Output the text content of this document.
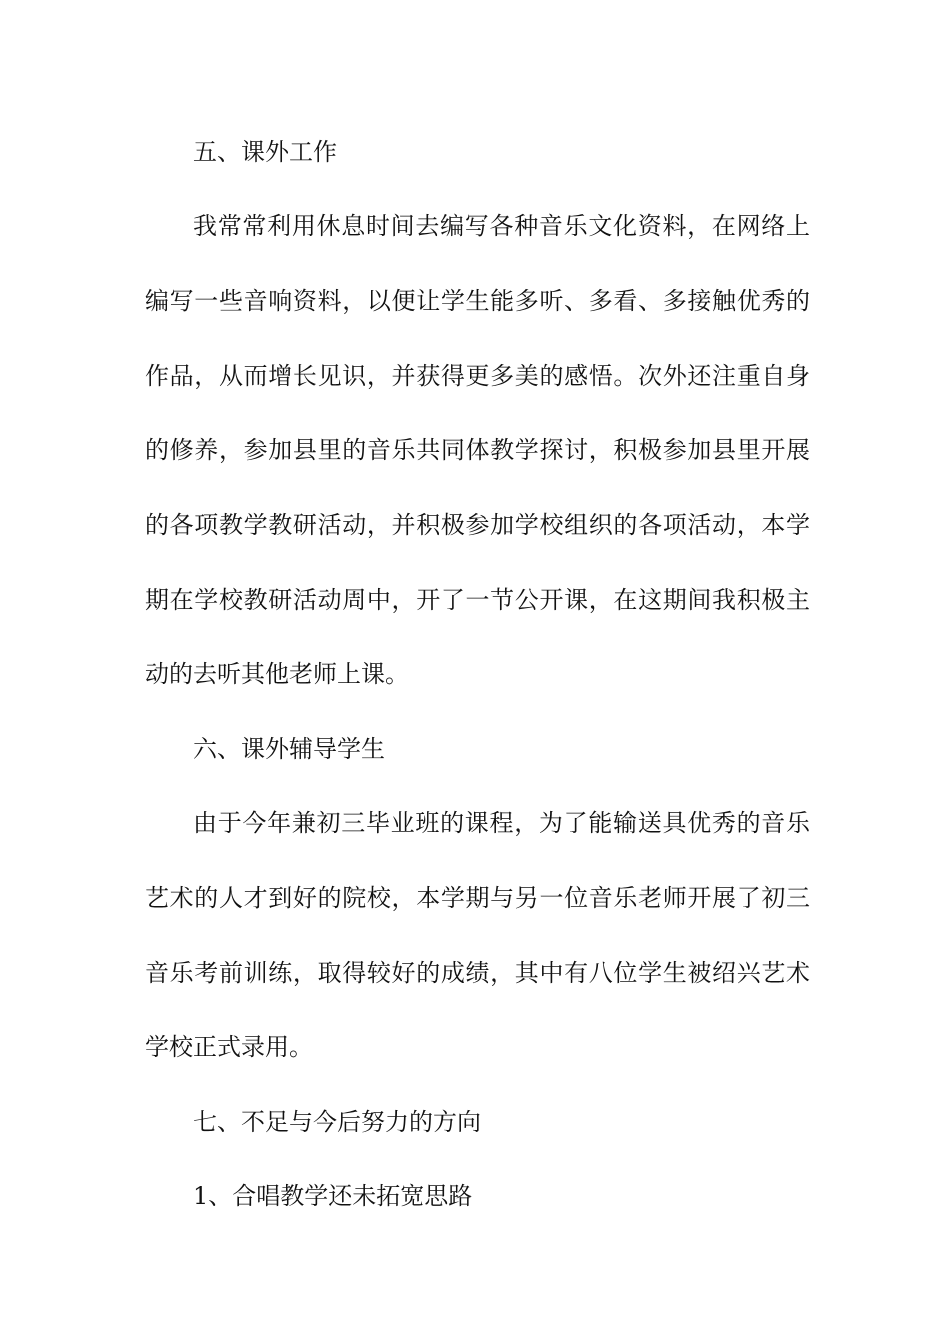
五、课外工作
我常常利用休息时间去编写各种音乐文化资料，在网络上
编写一些音响资料，以便让学生能多听、多看、多接触优秀的
作品，从而增长见识，并获得更多美的感悟。次外还注重自身
的修养，参加县里的音乐共同体教学探讨，积极参加县里开展
的各项教学教研活动，并积极参加学校组织的各项活动，本学
期在学校教研活动周中，开了一节公开课，在这期间我积极主
动的去听其他老师上课。
六、课外辅导学生
由于今年兼初三毕业班的课程，为了能输送具优秀的音乐
艺术的人才到好的院校，本学期与另一位音乐老师开展了初三
音乐考前训练，取得较好的成绩，其中有八位学生被绍兴艺术
学校正式录用。
七、不足与今后努力的方向
1、合唱教学还未拓宽思路
